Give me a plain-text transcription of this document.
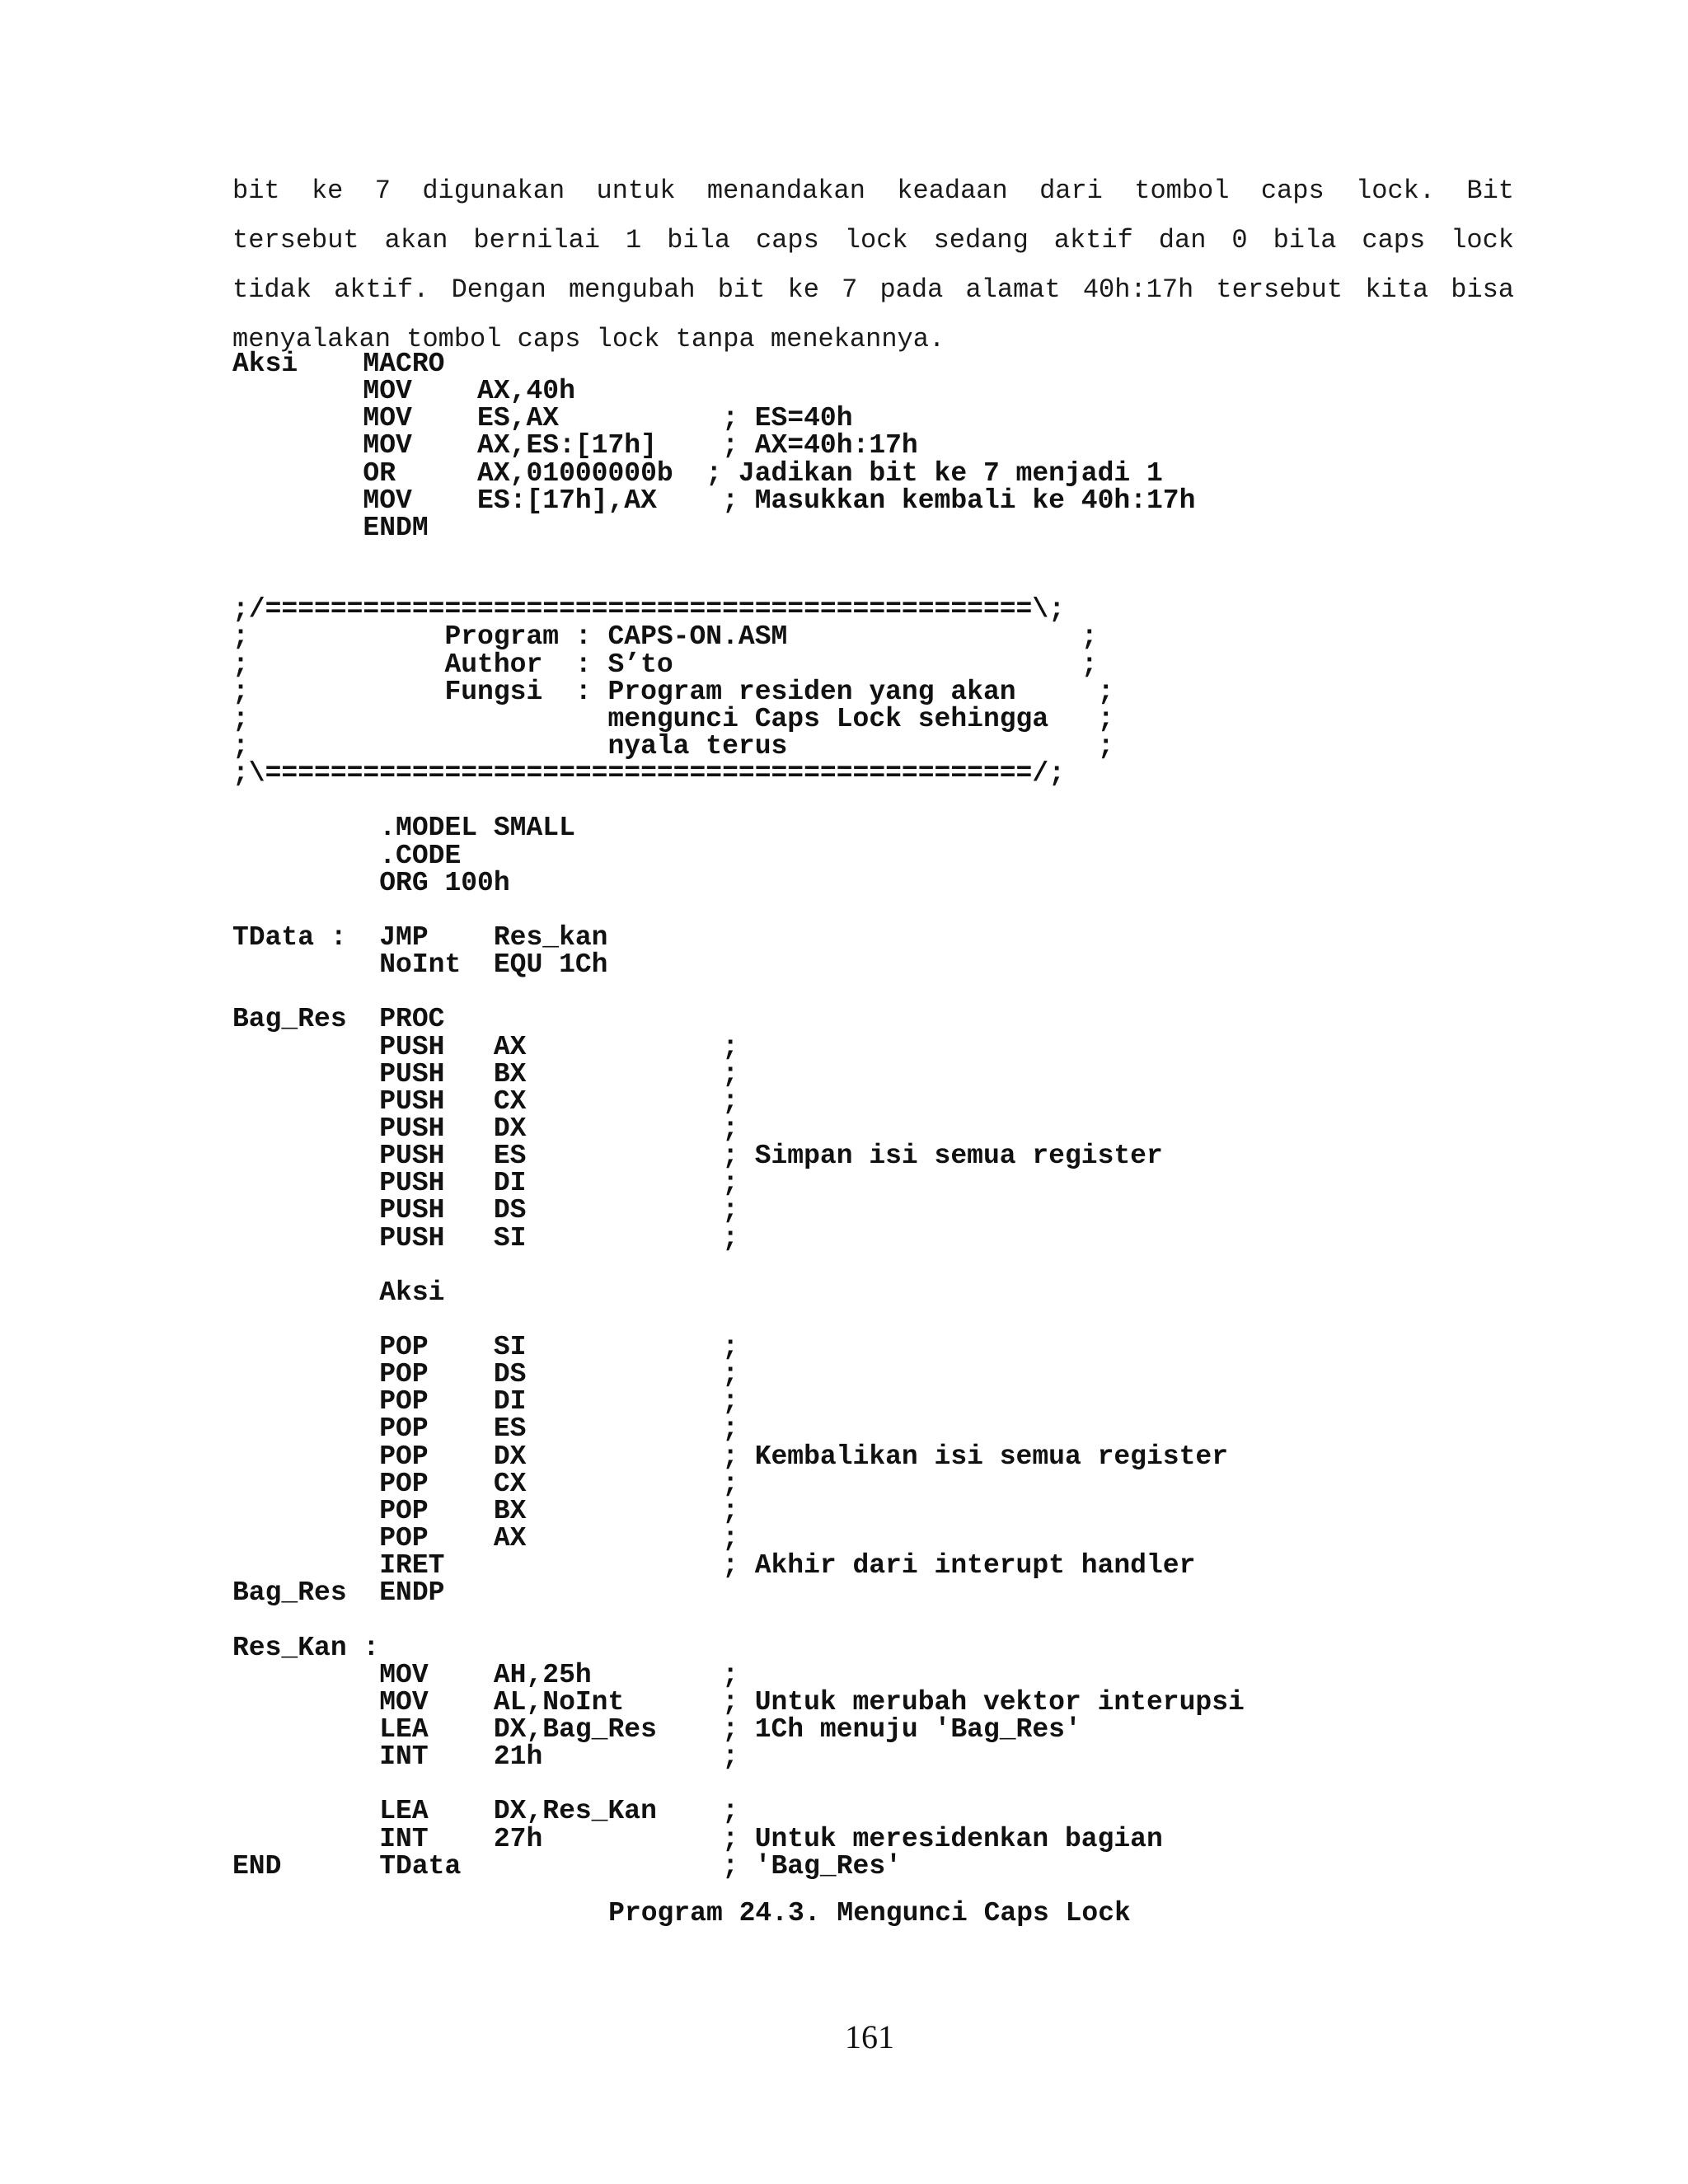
bit ke 7 digunakan untuk menandakan keadaan dari tombol caps lock. Bit
tersebut akan bernilai 1 bila caps lock sedang aktif dan 0 bila caps lock
tidak aktif. Dengan mengubah bit ke 7 pada alamat 40h:17h tersebut kita bisa
menyalakan tombol caps lock tanpa menekannya.
Aksi    MACRO
MOV    AX,40h
MOV    ES,AX          ; ES=40h
MOV    AX,ES:[17h]    ; AX=40h:17h
OR     AX,01000000b  ; Jadikan bit ke 7 menjadi 1
MOV    ES:[17h],AX    ; Masukkan kembali ke 40h:17h
ENDM

;/===============================================\;
;            Program : CAPS-ON.ASM                  ;
;            Author  : S’to                         ;
;            Fungsi  : Program residen yang akan     ;
;                      mengunci Caps Lock sehingga   ;
;                      nyala terus                   ;
;\===============================================/;

.MODEL SMALL
.CODE
ORG 100h

TData :  JMP    Res_kan
NoInt  EQU 1Ch

Bag_Res  PROC
PUSH   AX            ;
PUSH   BX            ;
PUSH   CX            ;
PUSH   DX            ;
PUSH   ES            ; Simpan isi semua register
PUSH   DI            ;
PUSH   DS            ;
PUSH   SI            ;

Aksi

POP    SI            ;
POP    DS            ;
POP    DI            ;
POP    ES            ;
POP    DX            ; Kembalikan isi semua register
POP    CX            ;
POP    BX            ;
POP    AX            ;
IRET                 ; Akhir dari interupt handler
Bag_Res  ENDP

Res_Kan :
MOV    AH,25h        ;
MOV    AL,NoInt      ; Untuk merubah vektor interupsi
LEA    DX,Bag_Res    ; 1Ch menuju 'Bag_Res'
INT    21h           ;

LEA    DX,Res_Kan    ;
INT    27h           ; Untuk meresidenkan bagian
END      TData                ; 'Bag_Res'
Program 24.3. Mengunci Caps Lock
161
